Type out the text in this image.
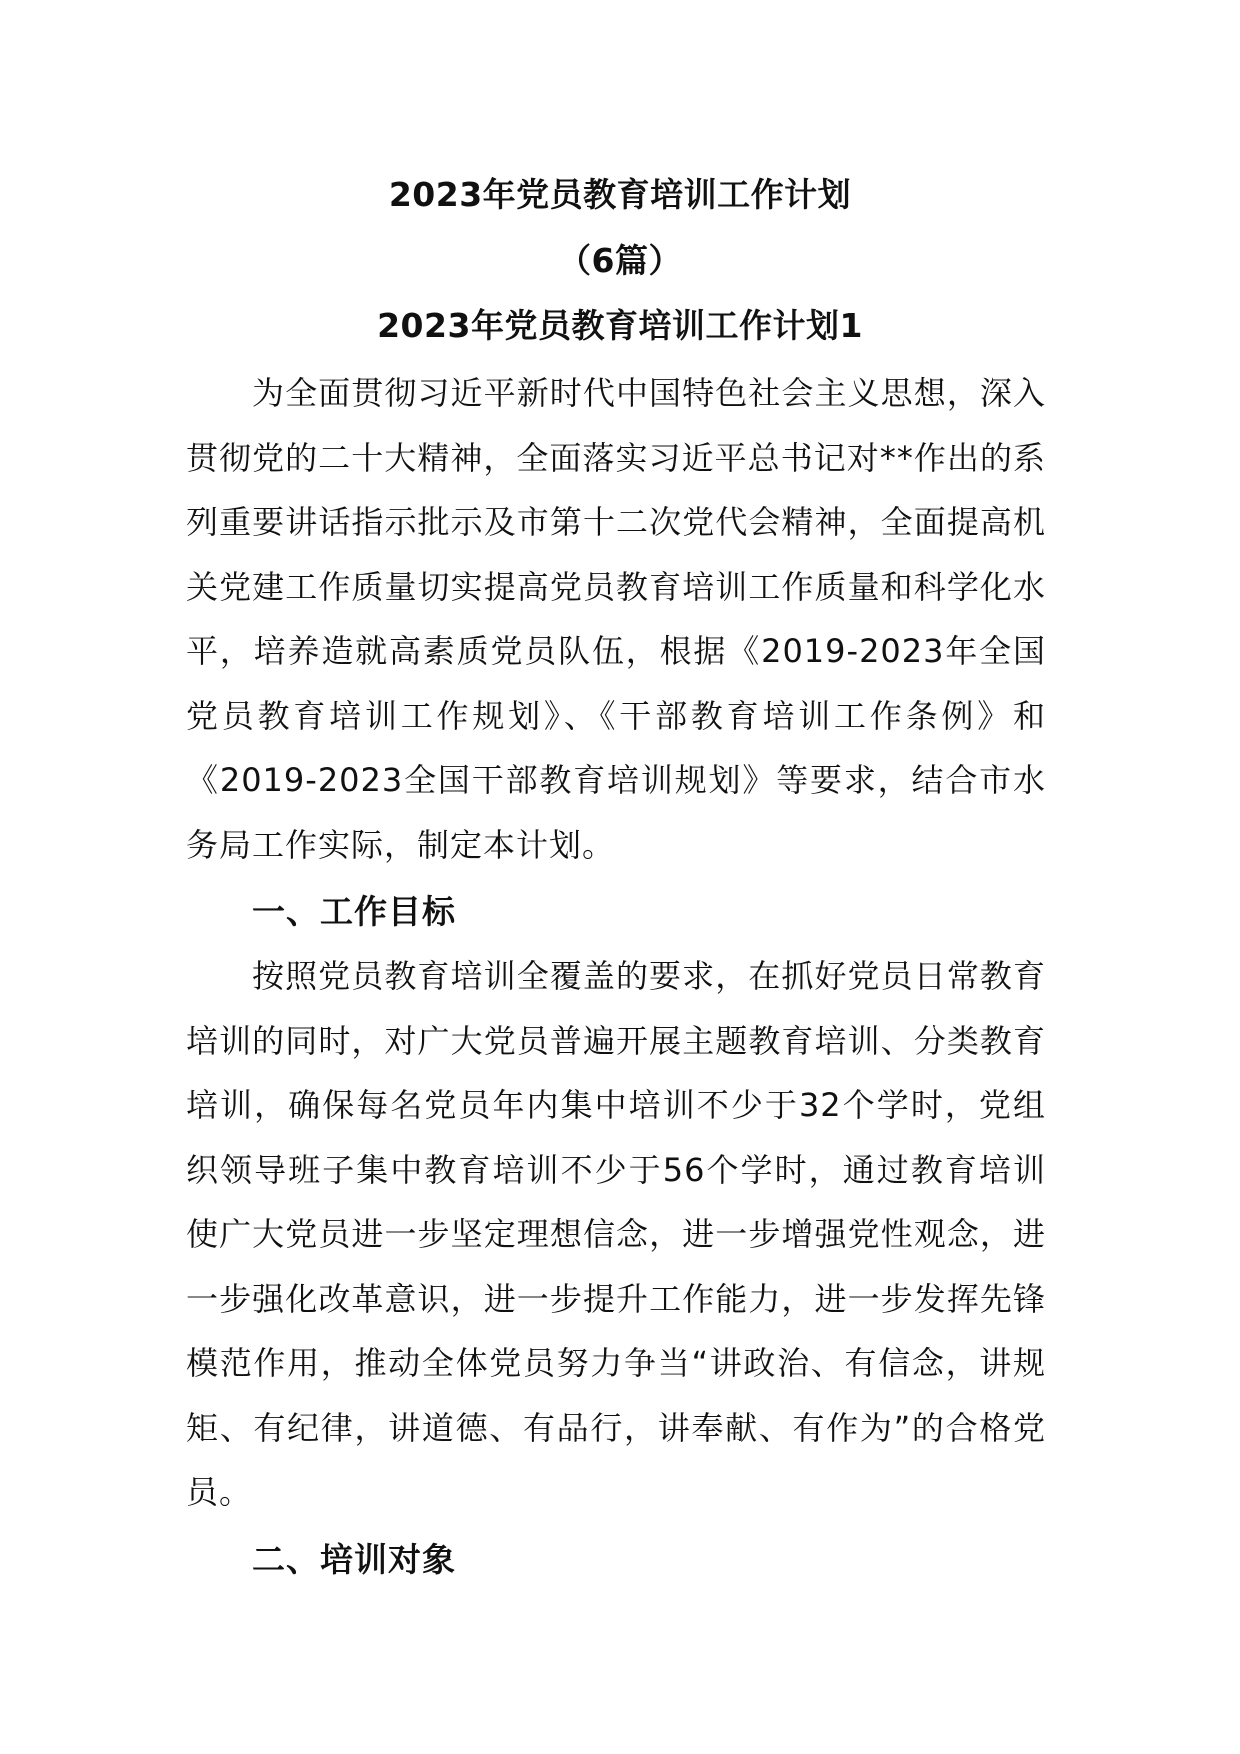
2023年党员教育培训工作计划
（6篇）
2023年党员教育培训工作计划1

为全面贯彻习近平新时代中国特色社会主义思想，深入贯彻党的二十大精神，全面落实习近平总书记对**作出的系列重要讲话指示批示及市第十二次党代会精神，全面提高机关党建工作质量切实提高党员教育培训工作质量和科学化水平，培养造就高素质党员队伍，根据《2019-2023年全国党员教育培训工作规划》、《干部教育培训工作条例》和《2019-2023全国干部教育培训规划》等要求，结合市水务局工作实际，制定本计划。

一、工作目标

按照党员教育培训全覆盖的要求，在抓好党员日常教育培训的同时，对广大党员普遍开展主题教育培训、分类教育培训，确保每名党员年内集中培训不少于32个学时，党组织领导班子集中教育培训不少于56个学时，通过教育培训使广大党员进一步坚定理想信念，进一步增强党性观念，进一步强化改革意识，进一步提升工作能力，进一步发挥先锋模范作用，推动全体党员努力争当“讲政治、有信念，讲规矩、有纪律，讲道德、有品行，讲奉献、有作为”的合格党员。

二、培训对象
